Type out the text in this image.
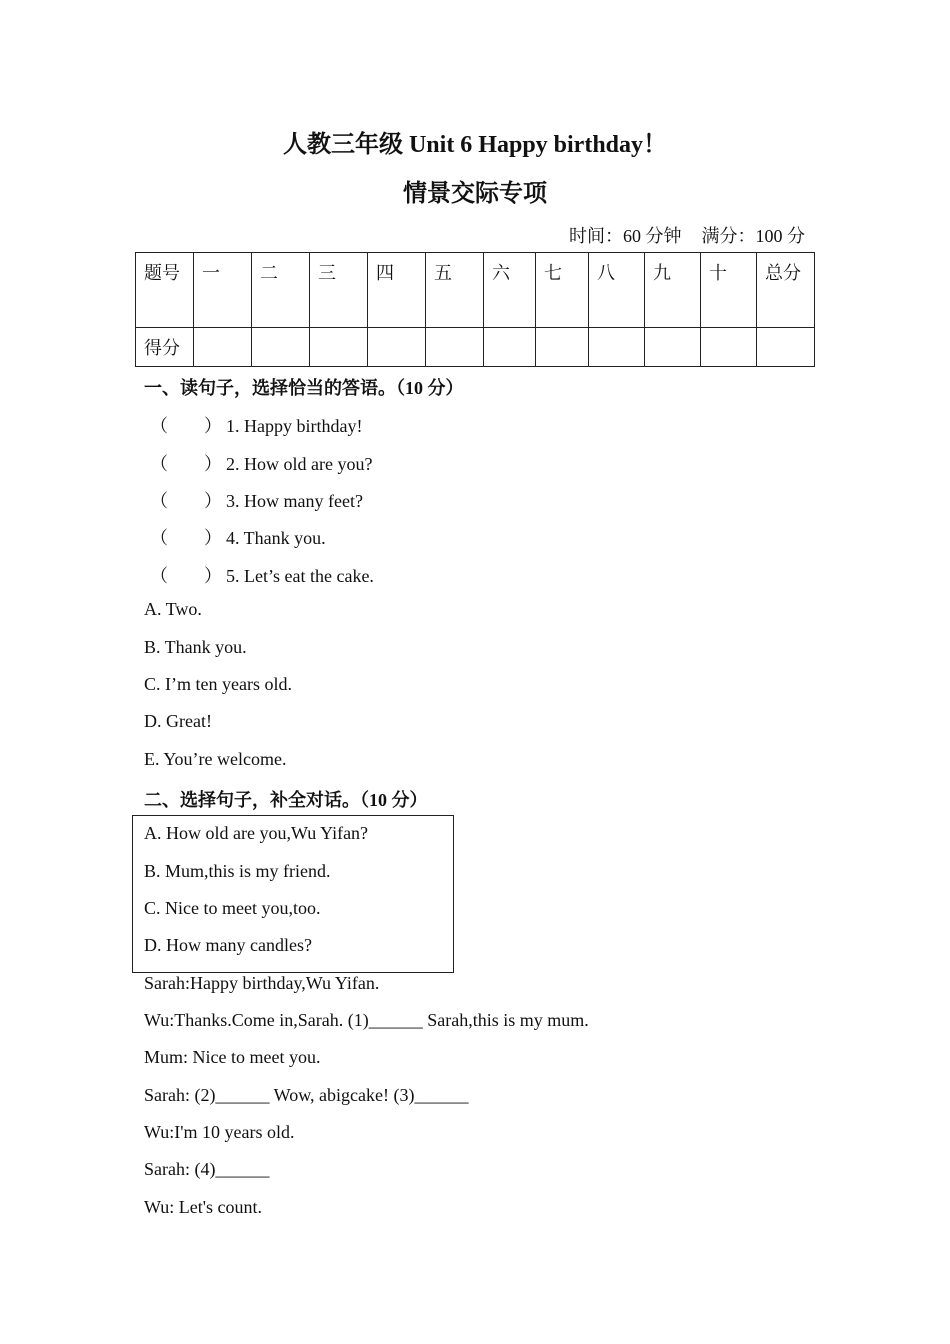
人教三年级 Unit 6 Happy birthday！
情景交际专项
时间：60 分钟 满分：100 分
题号	一	二	三	四	五	六	七	八	九	十	总分
得分											
一、读句子，选择恰当的答语。（10 分）
（　　） 1. Happy birthday!
（　　） 2. How old are you?
（　　） 3. How many feet?
（　　） 4. Thank you.
（　　） 5. Let’s eat the cake.
A. Two.
B. Thank you.
C. I’m ten years old.
D. Great!
E. You’re welcome.
二、选择句子，补全对话。（10 分）
A. How old are you,Wu Yifan?
B. Mum,this is my friend.
C. Nice to meet you,too.
D. How many candles?
Sarah:Happy birthday,Wu Yifan.
Wu:Thanks.Come in,Sarah. (1)______ Sarah,this is my mum.
Mum: Nice to meet you.
Sarah: (2)______ Wow, abigcake! (3)______
Wu:I'm 10 years old.
Sarah: (4)______
Wu: Let's count.
